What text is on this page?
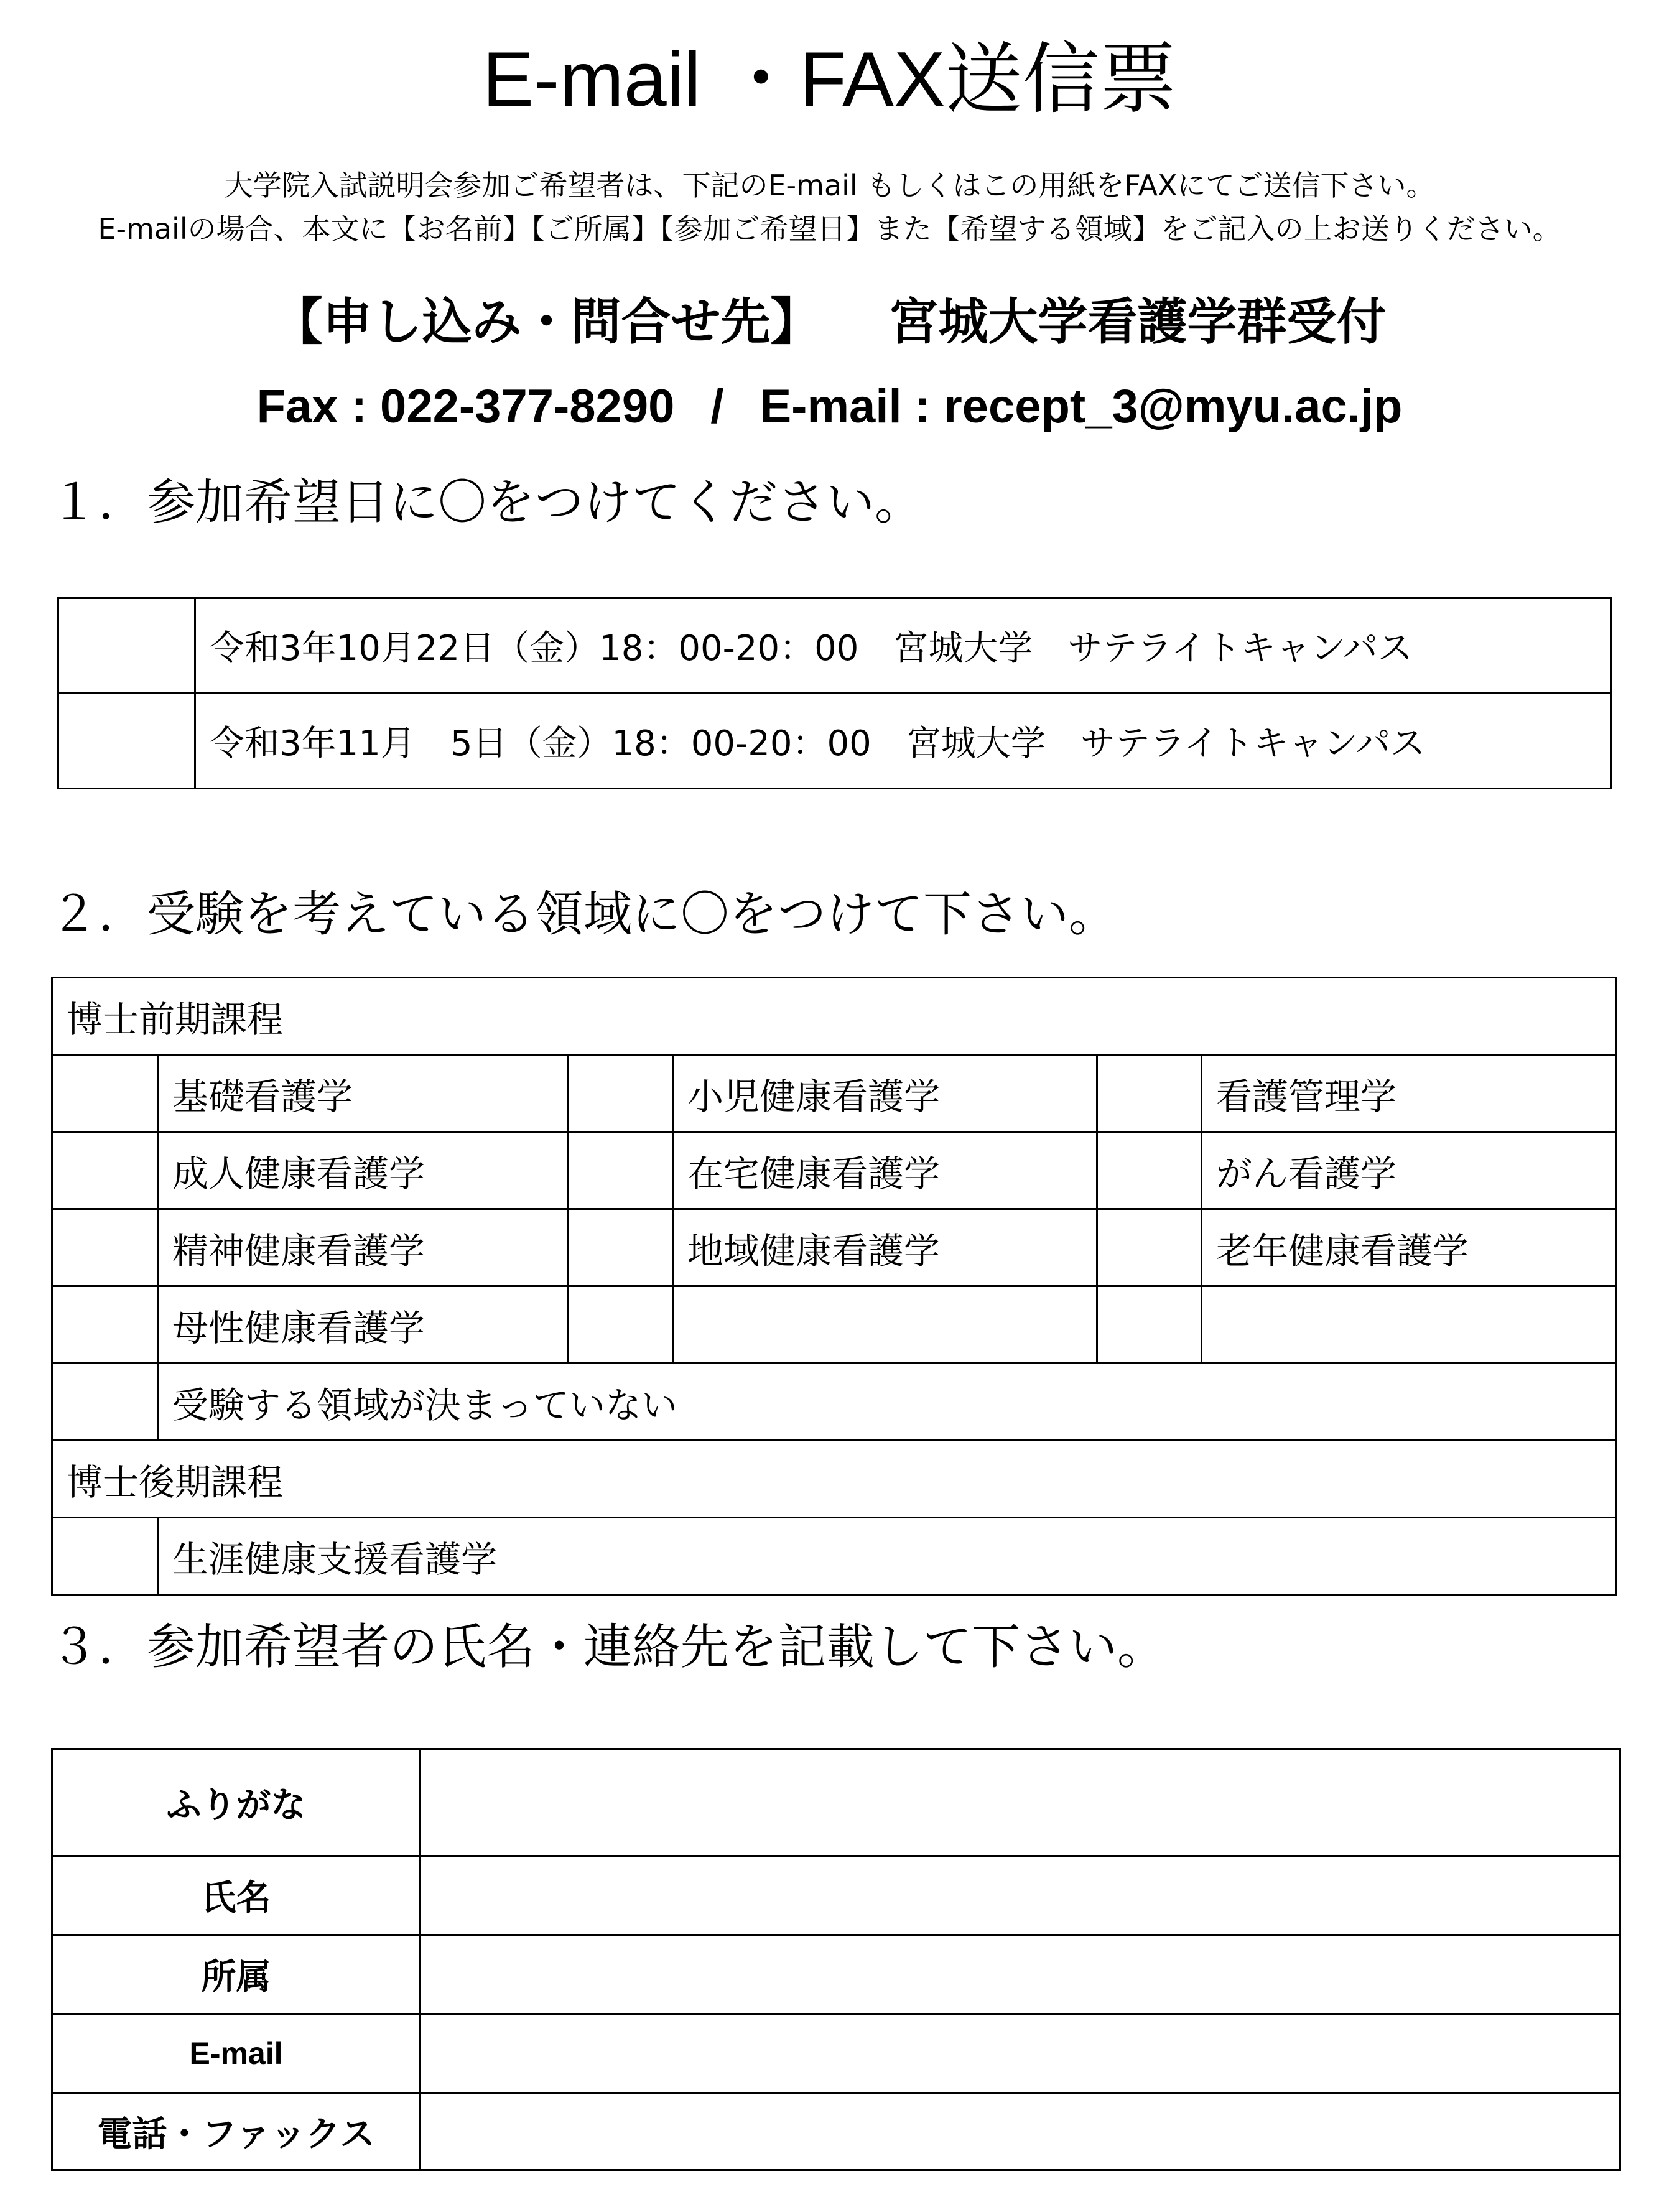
E-mail ・FAX送信票
大学院入試説明会参加ご希望者は、下記のE-mail もしくはこの用紙をFAXにてご送信下さい。
E-mailの場合、本文に【お名前】【ご所属】【参加ご希望日】また【希望する領域】をご記入の上お送りください。
【申し込み・問合せ先】 宮城大学看護学群受付
Fax : 022-377-8290 / E-mail : recept_3@myu.ac.jp
１．参加希望日に〇をつけてください。
	令和3年10月22日（金）18：00-20：00　宮城大学　サテライトキャンパス
	令和3年11月　5日（金）18：00-20：00　宮城大学　サテライトキャンパス
２．受験を考えている領域に〇をつけて下さい。
博士前期課程					
	基礎看護学		小児健康看護学		看護管理学
	成人健康看護学		在宅健康看護学		がん看護学
	精神健康看護学		地域健康看護学		老年健康看護学
	母性健康看護学				
	受験する領域が決まっていない				
博士後期課程					
	生涯健康支援看護学				
３．参加希望者の氏名・連絡先を記載して下さい。
ふりがな	
氏名	
所属	
E-mail	
電話・ファックス	
